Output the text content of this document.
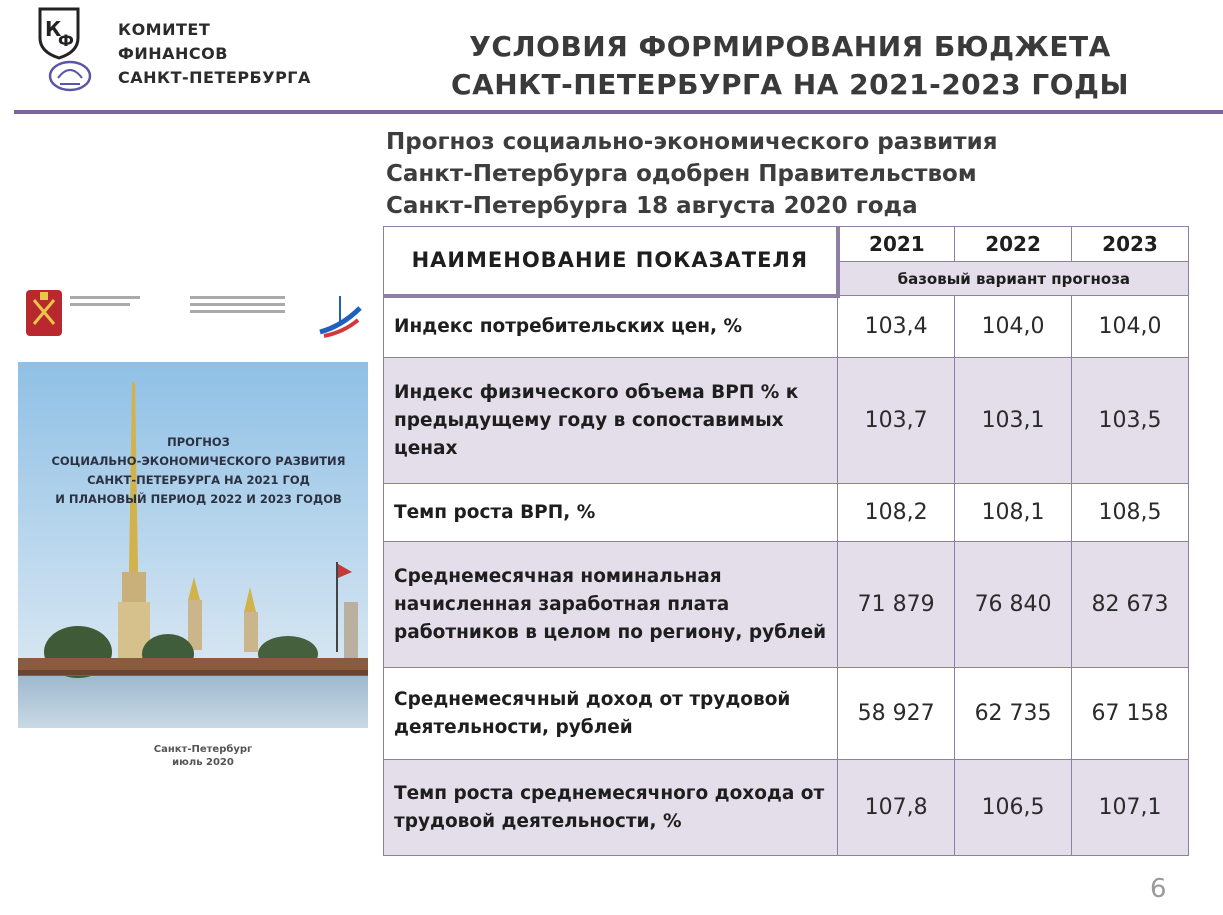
К
Ф
КОМИТЕТ
ФИНАНСОВ
САНКТ-ПЕТЕРБУРГА
УСЛОВИЯ ФОРМИРОВАНИЯ БЮДЖЕТА
САНКТ-ПЕТЕРБУРГА НА 2021-2023 ГОДЫ
Прогноз социально-экономического развития
Санкт-Петербурга одобрен Правительством
Санкт-Петербурга 18 августа 2020 года
ПРОГНОЗ
СОЦИАЛЬНО-ЭКОНОМИЧЕСКОГО РАЗВИТИЯ
САНКТ-ПЕТЕРБУРГА НА 2021 ГОД
И ПЛАНОВЫЙ ПЕРИОД 2022 И 2023 ГОДОВ
Санкт-Петербург
июль 2020
НАИМЕНОВАНИЕ ПОКАЗАТЕЛЯ	2021	2022	2023
	базовый вариант прогноза		
Индекс потребительских цен, %	103,4	104,0	104,0
Индекс физического объема ВРП % к предыдущему году в сопоставимых ценах	103,7	103,1	103,5
Темп роста ВРП, %	108,2	108,1	108,5
Среднемесячная номинальная начисленная заработная плата работников в целом по региону, рублей	71 879	76 840	82 673
Среднемесячный доход от трудовой деятельности, рублей	58 927	62 735	67 158
Темп роста среднемесячного дохода от трудовой деятельности, %	107,8	106,5	107,1
6
